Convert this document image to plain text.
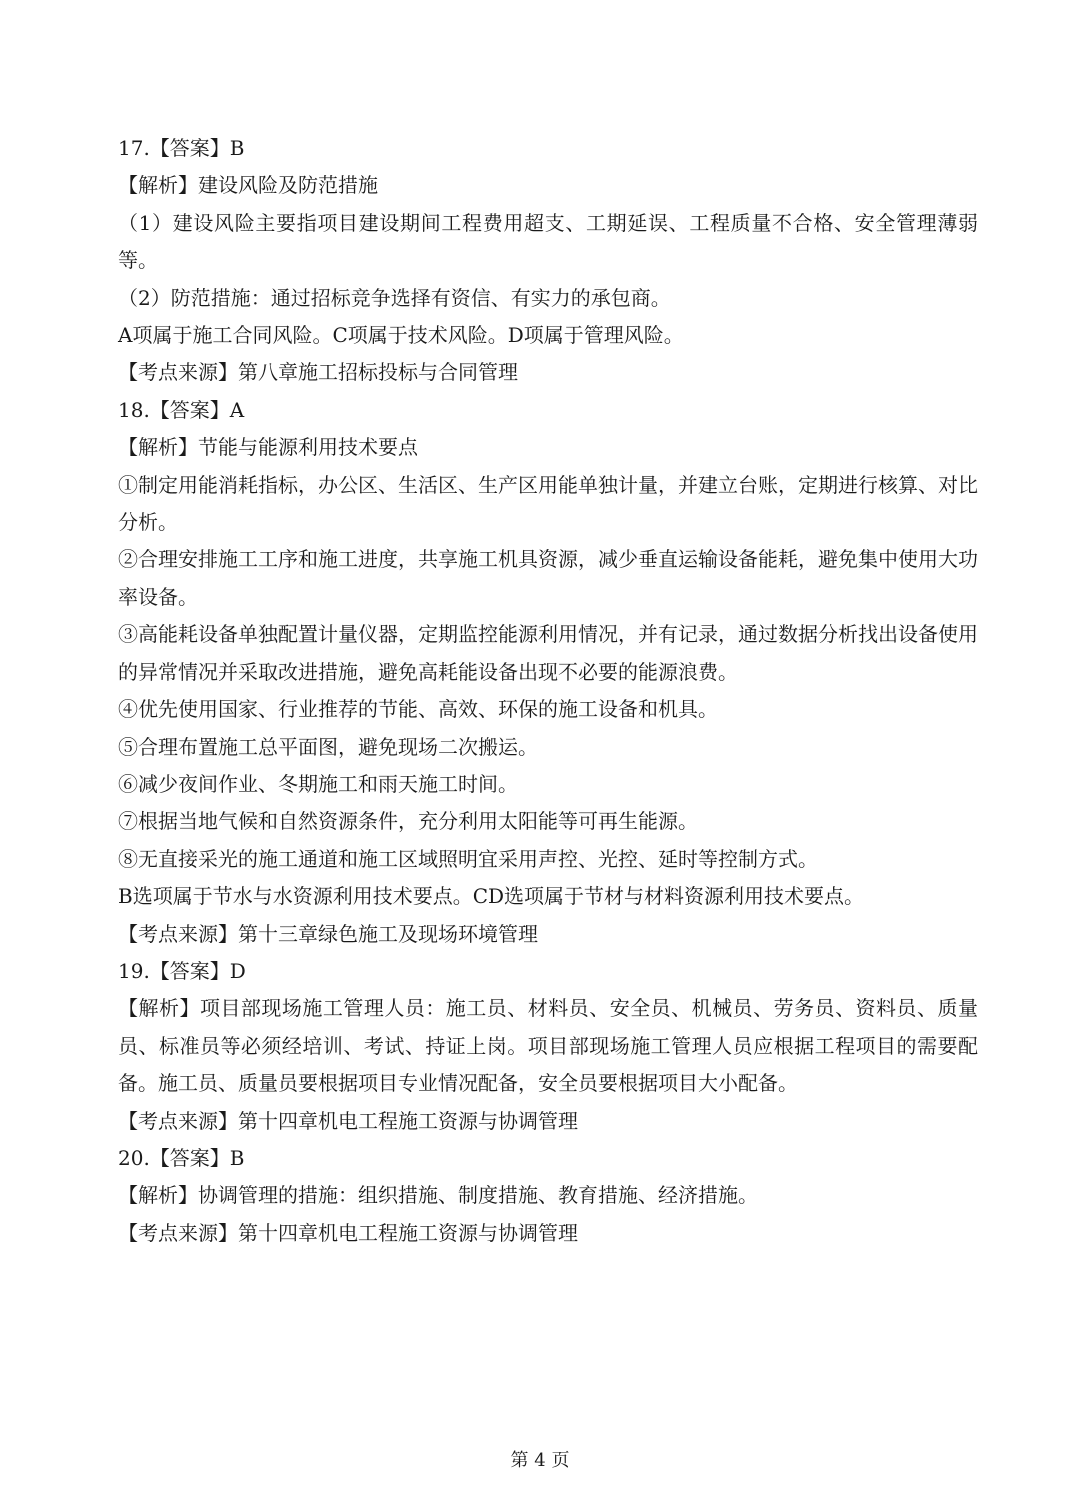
17.【答案】B

【解析】建设风险及防范措施

（1）建设风险主要指项目建设期间工程费用超支、工期延误、工程质量不合格、安全管理薄弱等。

（2）防范措施：通过招标竞争选择有资信、有实力的承包商。

A项属于施工合同风险。C项属于技术风险。D项属于管理风险。

【考点来源】第八章施工招标投标与合同管理

18.【答案】A

【解析】节能与能源利用技术要点

①制定用能消耗指标，办公区、生活区、生产区用能单独计量，并建立台账，定期进行核算、对比分析。

②合理安排施工工序和施工进度，共享施工机具资源，减少垂直运输设备能耗，避免集中使用大功率设备。

③高能耗设备单独配置计量仪器，定期监控能源利用情况，并有记录，通过数据分析找出设备使用的异常情况并采取改进措施，避免高耗能设备出现不必要的能源浪费。

④优先使用国家、行业推荐的节能、高效、环保的施工设备和机具。

⑤合理布置施工总平面图，避免现场二次搬运。

⑥减少夜间作业、冬期施工和雨天施工时间。

⑦根据当地气候和自然资源条件，充分利用太阳能等可再生能源。

⑧无直接采光的施工通道和施工区域照明宜采用声控、光控、延时等控制方式。

B选项属于节水与水资源利用技术要点。CD选项属于节材与材料资源利用技术要点。

【考点来源】第十三章绿色施工及现场环境管理

19.【答案】D

【解析】项目部现场施工管理人员：施工员、材料员、安全员、机械员、劳务员、资料员、质量员、标准员等必须经培训、考试、持证上岗。项目部现场施工管理人员应根据工程项目的需要配备。施工员、质量员要根据项目专业情况配备，安全员要根据项目大小配备。

【考点来源】第十四章机电工程施工资源与协调管理

20.【答案】B

【解析】协调管理的措施：组织措施、制度措施、教育措施、经济措施。

【考点来源】第十四章机电工程施工资源与协调管理

第 4 页
